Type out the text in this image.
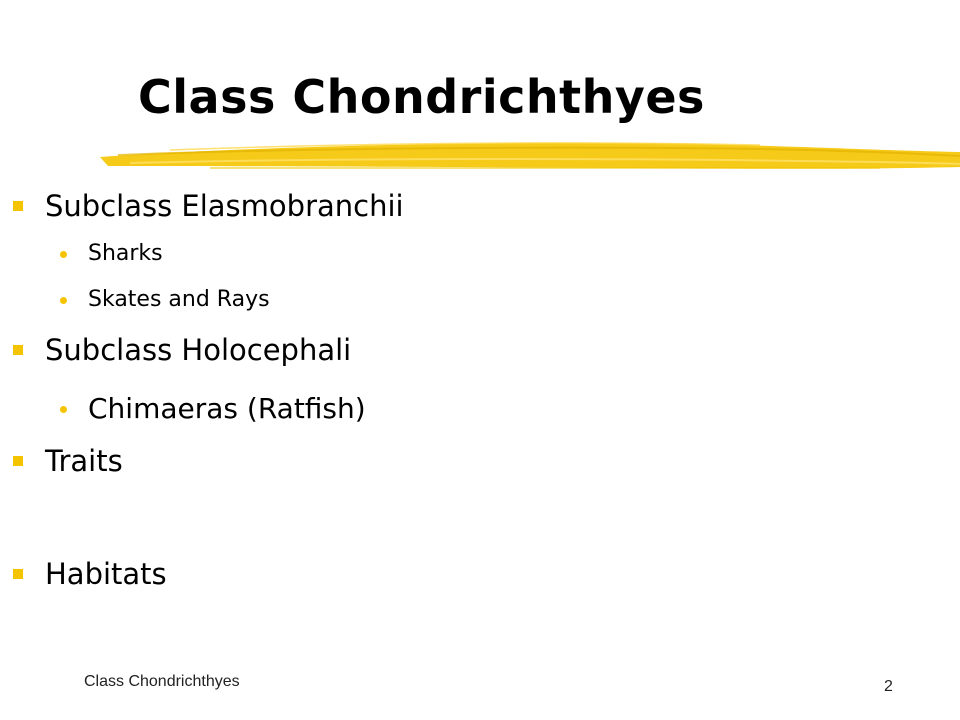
Class Chondrichthyes
Subclass Elasmobranchii
Sharks
Skates and Rays
Subclass Holocephali
Chimaeras (Ratfish)
Traits
Habitats
Class Chondrichthyes	2
